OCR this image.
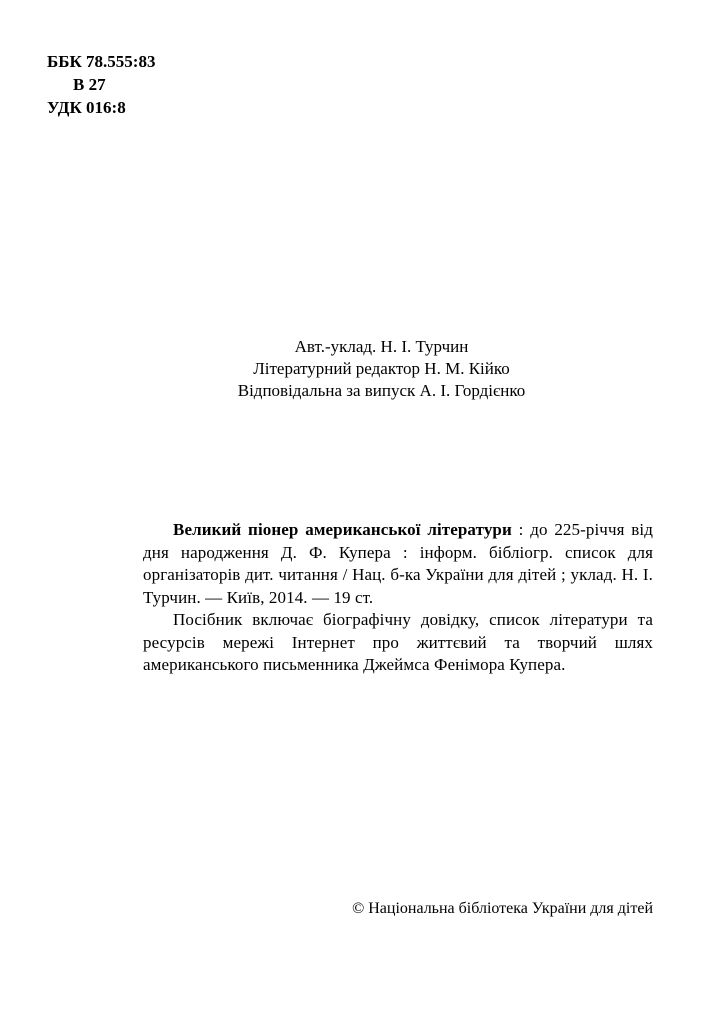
ББК 78.555:83
В 27
УДК 016:8
Авт.-уклад. Н. І. Турчин
Літературний редактор Н. М. Кійко
Відповідальна за випуск А. І. Гордієнко

Великий піонер американської літератури : до 225-річчя від дня народження Д. Ф. Купера : інформ. бібліогр. список для організаторів дит. читання / Нац. б-ка України для дітей ; уклад. Н. І. Турчин. — Київ, 2014. — 19 ст.

Посібник включає біографічну довідку, список літератури та ресурсів мережі Інтернет про життєвий та творчий шлях американського письменника Джеймса Фенімора Купера.

© Національна бібліотека України для дітей
